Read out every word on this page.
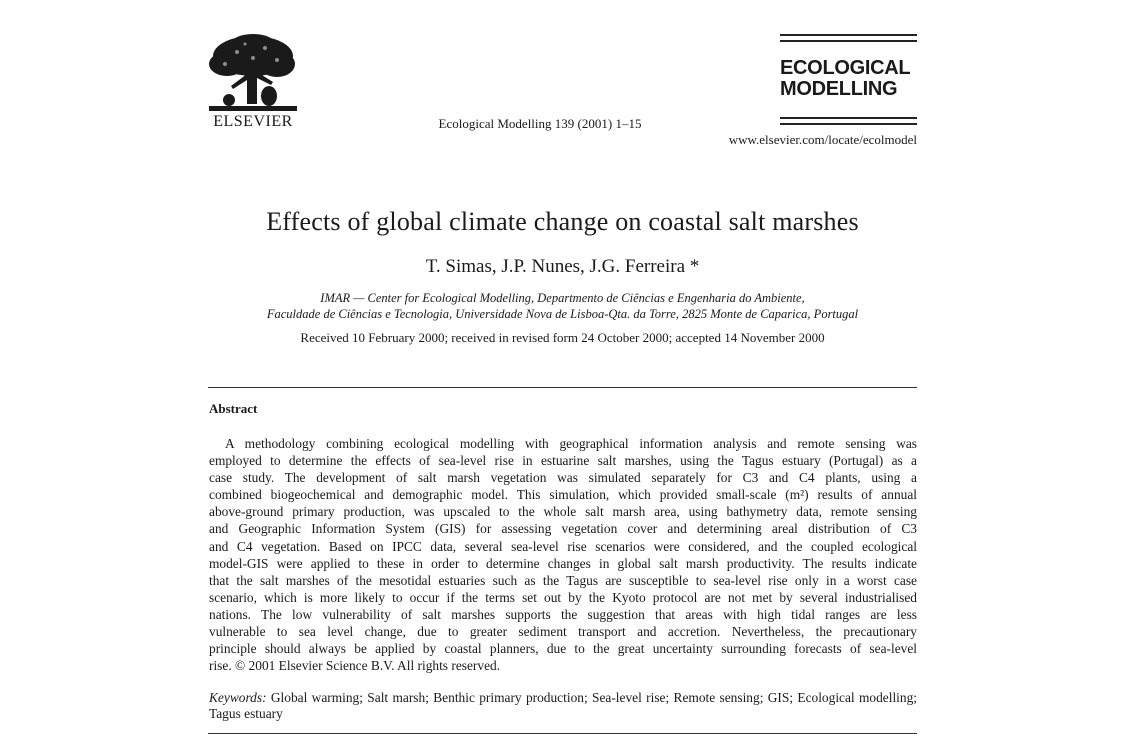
ELSEVIER	Ecological Modelling 139 (2001) 1–15
ECOLOGICAL
MODELLING
www.elsevier.com/locate/ecolmodel
Effects of global climate change on coastal salt marshes
T. Simas, J.P. Nunes, J.G. Ferreira *
IMAR — Center for Ecological Modelling, Departmento de Ciências e Engenharia do Ambiente,
Faculdade de Ciências e Tecnologia, Universidade Nova de Lisboa-Qta. da Torre, 2825 Monte de Caparica, Portugal
Received 10 February 2000; received in revised form 24 October 2000; accepted 14 November 2000
Abstract
A methodology combining ecological modelling with geographical information analysis and remote sensing was
employed to determine the effects of sea-level rise in estuarine salt marshes, using the Tagus estuary (Portugal) as a
case study. The development of salt marsh vegetation was simulated separately for C3 and C4 plants, using a
combined biogeochemical and demographic model. This simulation, which provided small-scale (m²) results of annual
above-ground primary production, was upscaled to the whole salt marsh area, using bathymetry data, remote sensing
and Geographic Information System (GIS) for assessing vegetation cover and determining areal distribution of C3
and C4 vegetation. Based on IPCC data, several sea-level rise scenarios were considered, and the coupled ecological
model-GIS were applied to these in order to determine changes in global salt marsh productivity. The results indicate
that the salt marshes of the mesotidal estuaries such as the Tagus are susceptible to sea-level rise only in a worst case
scenario, which is more likely to occur if the terms set out by the Kyoto protocol are not met by several industrialised
nations. The low vulnerability of salt marshes supports the suggestion that areas with high tidal ranges are less
vulnerable to sea level change, due to greater sediment transport and accretion. Nevertheless, the precautionary
principle should always be applied by coastal planners, due to the great uncertainty surrounding forecasts of sea-level
rise. © 2001 Elsevier Science B.V. All rights reserved.
Keywords: Global warming; Salt marsh; Benthic primary production; Sea-level rise; Remote sensing; GIS; Ecological modelling;
Tagus estuary
